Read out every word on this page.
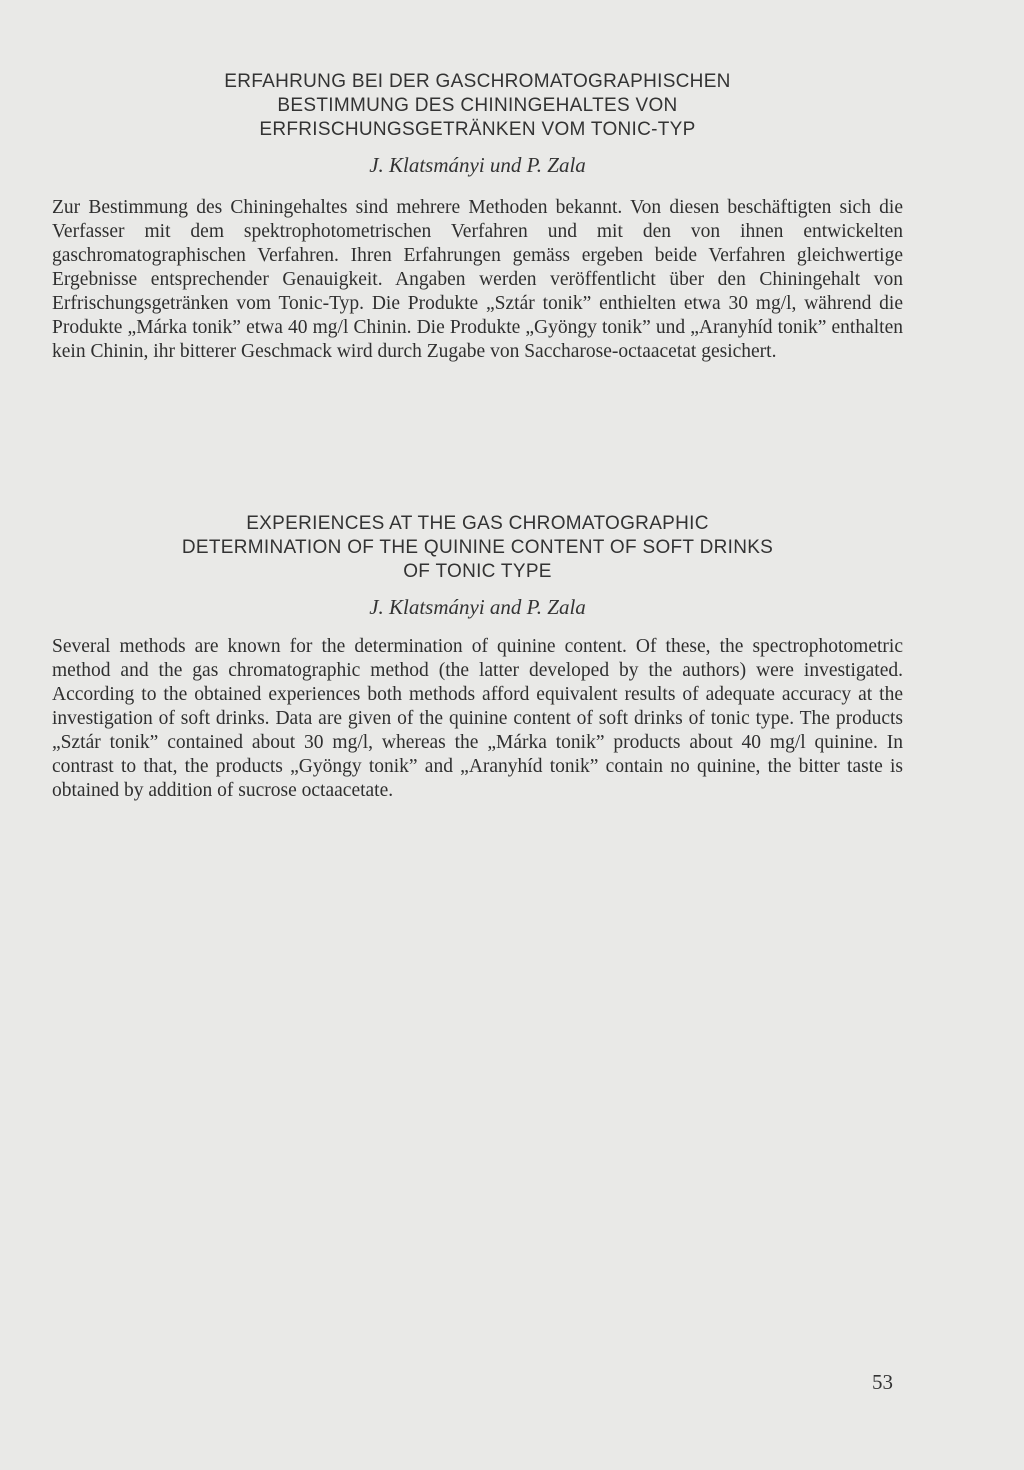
ERFAHRUNG BEI DER GASCHROMATOGRAPHISCHEN
BESTIMMUNG DES CHININGEHALTES VON
ERFRISCHUNGSGETRÄNKEN VOM TONIC-TYP

J. Klatsmányi und P. Zala

Zur Bestimmung des Chiningehaltes sind mehrere Methoden bekannt. Von diesen beschäftigten sich die Verfasser mit dem spektrophotometrischen Verfahren und mit den von ihnen entwickelten gaschromatographischen Verfahren. Ihren Erfahrungen gemäss ergeben beide Verfahren gleichwertige Ergebnisse entsprechender Genauigkeit. Angaben werden veröffentlicht über den Chiningehalt von Erfrischungsgetränken vom Tonic-Typ. Die Produkte „Sztár tonik” enthielten etwa 30 mg/l, während die Produkte „Márka tonik” etwa 40 mg/l Chinin. Die Produkte „Gyöngy tonik” und „Aranyhíd tonik” enthalten kein Chinin, ihr bitterer Geschmack wird durch Zugabe von Saccharose-octaacetat gesichert.

EXPERIENCES AT THE GAS CHROMATOGRAPHIC
DETERMINATION OF THE QUININE CONTENT OF SOFT DRINKS
OF TONIC TYPE

J. Klatsmányi and P. Zala

Several methods are known for the determination of quinine content. Of these, the spectrophotometric method and the gas chromatographic method (the latter developed by the authors) were investigated. According to the obtained experiences both methods afford equivalent results of adequate accuracy at the investigation of soft drinks. Data are given of the quinine content of soft drinks of tonic type. The products „Sztár tonik” contained about 30 mg/l, whereas the „Márka tonik” products about 40 mg/l quinine. In contrast to that, the products „Gyöngy tonik” and „Aranyhíd tonik” contain no quinine, the bitter taste is obtained by addition of sucrose octaacetate.

53
